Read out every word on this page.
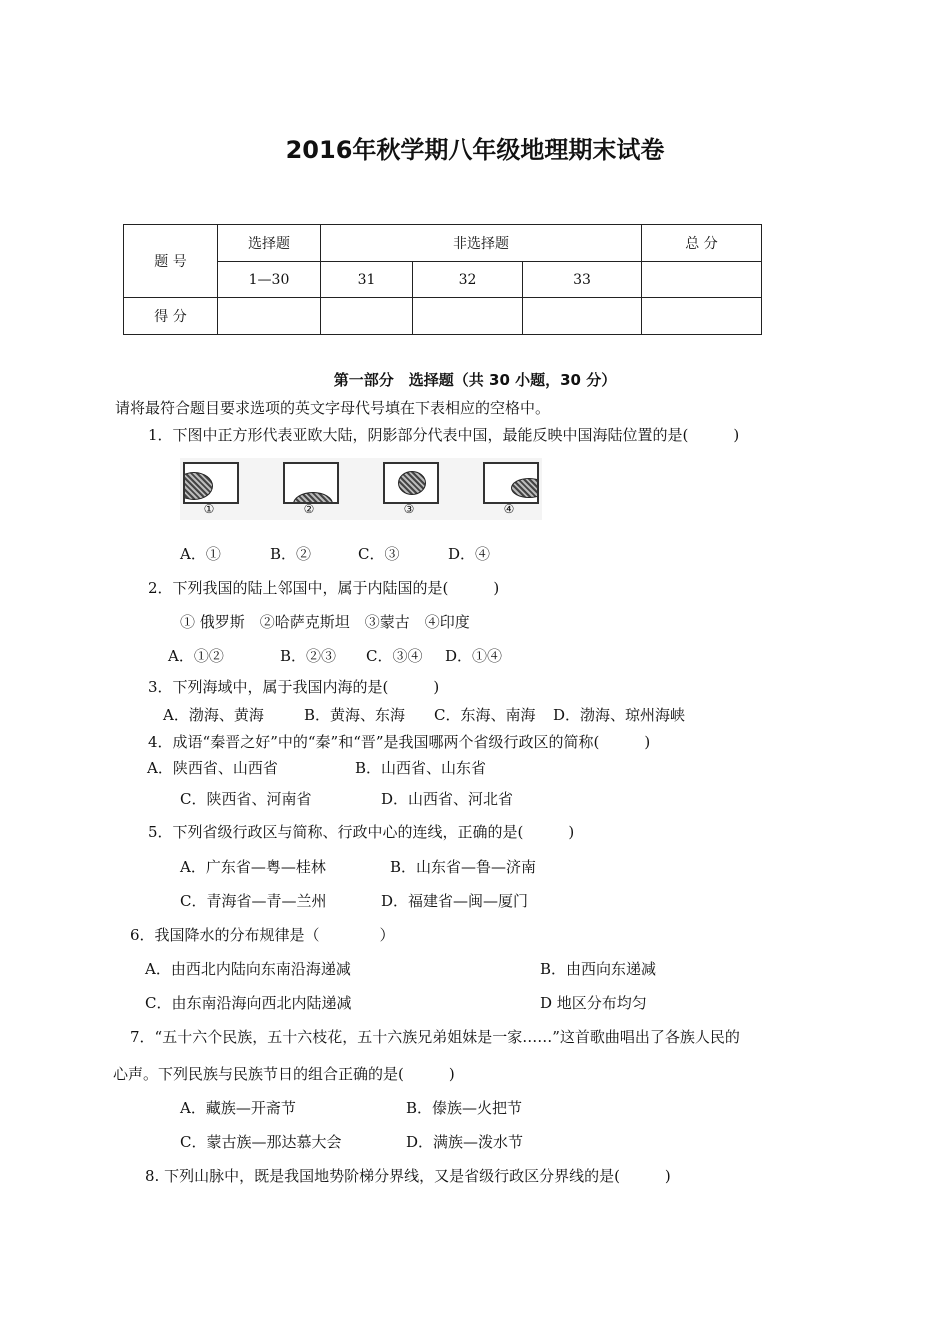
2016年秋学期八年级地理期末试卷
题 号	选择题	非选择题			总 分
	1—30	31	32	33	
得 分					
第一部分　选择题（共 30 小题，30 分）
请将最符合题目要求选项的英文字母代号填在下表相应的空格中。
1．下图中正方形代表亚欧大陆，阴影部分代表中国，最能反映中国海陆位置的是(　　　)
①	②	③	④
A．①	B．②	C．③	D．④
2．下列我国的陆上邻国中，属于内陆国的是(　　　)
① 俄罗斯　②哈萨克斯坦　③蒙古　④印度
A．①②	B．②③ C．③④ D．①④
3．下列海域中，属于我国内海的是(　　　)
A．渤海、黄海	B．黄海、东海 C．东海、南海 D．渤海、琼州海峡
4．成语“秦晋之好”中的“秦”和“晋”是我国哪两个省级行政区的简称(　　　)
A．陕西省、山西省	B．山西省、山东省
C．陕西省、河南省	D．山西省、河北省
5．下列省级行政区与简称、行政中心的连线，正确的是(　　　)
A．广东省—粤—桂林	B．山东省—鲁—济南
C．青海省—青—兰州	D．福建省—闽—厦门
6．我国降水的分布规律是（　　　　）
A．由西北内陆向东南沿海递减	B．由西向东递减
C．由东南沿海向西北内陆递减	D 地区分布均匀
7．“五十六个民族，五十六枝花，五十六族兄弟姐妹是一家……”这首歌曲唱出了各族人民的
心声。下列民族与民族节日的组合正确的是(　　　)
A．藏族—开斋节	B．傣族—火把节
C．蒙古族—那达慕大会	D．满族—泼水节
8. 下列山脉中，既是我国地势阶梯分界线，又是省级行政区分界线的是(　　　)
